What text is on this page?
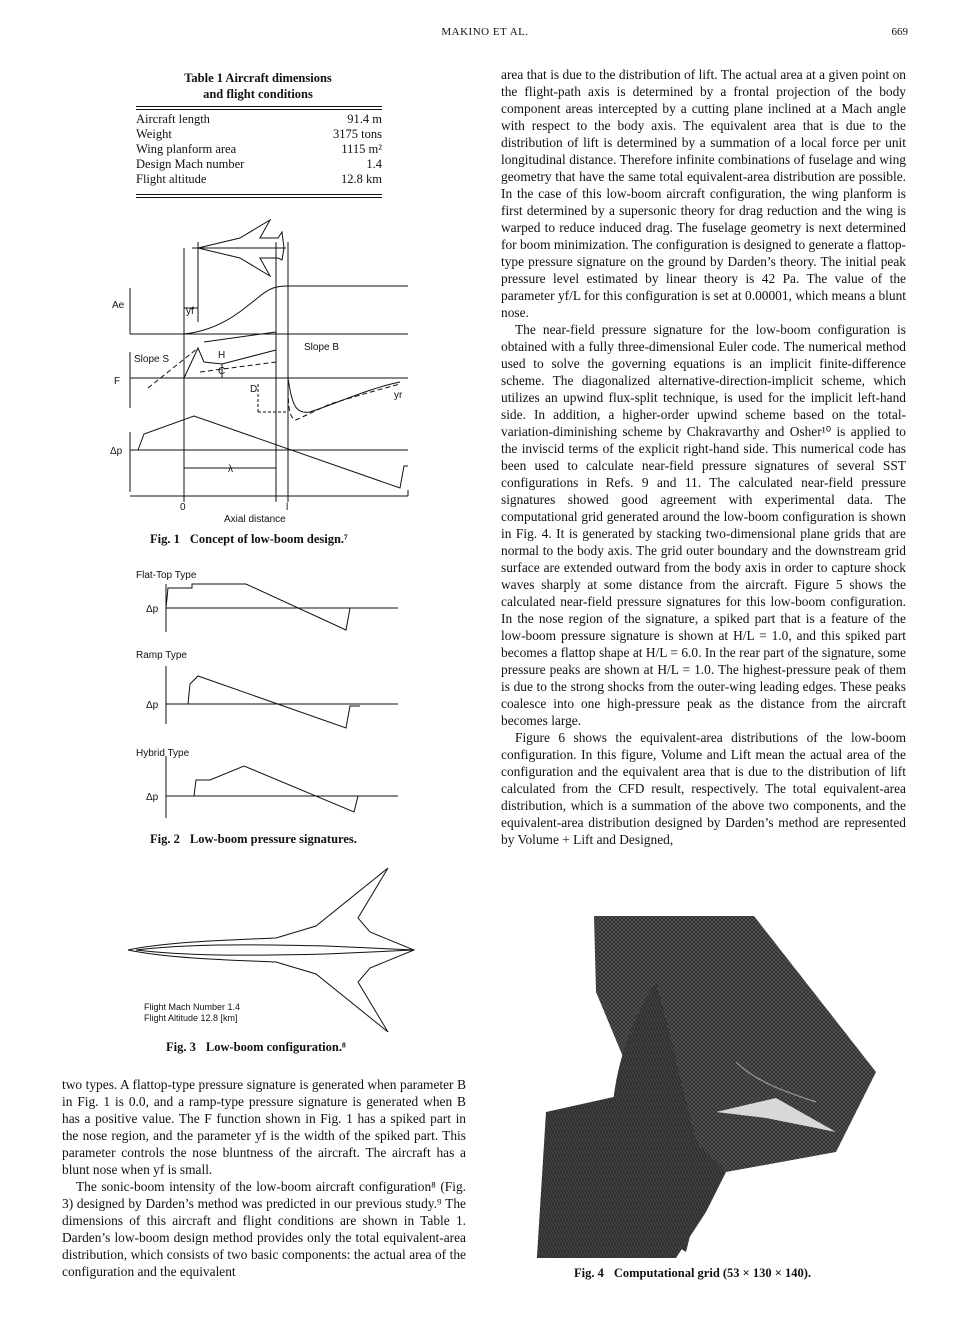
MAKINO ET AL.	669
Table 1 Aircraft dimensions
and flight conditions
Aircraft length	91.4 m
Weight	3175 tons
Wing planform area	1115 m²
Design Mach number	1.4
Flight altitude	12.8 km
Ae
yf
Slope S
Slope B
H
C
D
F
yr
Δp
λ
0	l
Axial distance
Fig. 1 Concept of low-boom design.⁷
Flat-Top Type
Δp
Ramp Type
Δp
Hybrid Type
Δp
Fig. 2 Low-boom pressure signatures.
Flight Mach Number 1.4
Flight Altitude 12.8 [km]
Fig. 3 Low-boom configuration.⁸

two types. A flattop-type pressure signature is generated when parameter B in Fig. 1 is 0.0, and a ramp-type pressure signature is generated when B has a positive value. The F function shown in Fig. 1 has a spiked part in the nose region, and the parameter yf is the width of the spiked part. This parameter controls the nose bluntness of the aircraft. The aircraft has a blunt nose when yf is small.

The sonic-boom intensity of the low-boom aircraft configuration⁸ (Fig. 3) designed by Darden’s method was predicted in our previous study.⁹ The dimensions of this aircraft and flight conditions are shown in Table 1. Darden’s low-boom design method provides only the total equivalent-area distribution, which consists of two basic components: the actual area of the configuration and the equivalent

area that is due to the distribution of lift. The actual area at a given point on the flight-path axis is determined by a frontal projection of the body component areas intercepted by a cutting plane inclined at a Mach angle with respect to the body axis. The equivalent area that is due to the distribution of lift is determined by a summation of a local force per unit longitudinal distance. Therefore infinite combinations of fuselage and wing geometry that have the same total equivalent-area distribution are possible. In the case of this low-boom aircraft configuration, the wing planform is first determined by a supersonic theory for drag reduction and the wing is warped to reduce induced drag. The fuselage geometry is next determined for boom minimization. The configuration is designed to generate a flattop-type pressure signature on the ground by Darden’s theory. The initial peak pressure level estimated by linear theory is 42 Pa. The value of the parameter yf/L for this configuration is set at 0.00001, which means a blunt nose.

The near-field pressure signature for the low-boom configuration is obtained with a fully three-dimensional Euler code. The numerical method used to solve the governing equations is an implicit finite-difference scheme. The diagonalized alternative-direction-implicit scheme, which utilizes an upwind flux-split technique, is used for the implicit left-hand side. In addition, a higher-order upwind scheme based on the total-variation-diminishing scheme by Chakravarthy and Osher¹⁰ is applied to the inviscid terms of the explicit right-hand side. This numerical code has been used to calculate near-field pressure signatures of several SST configurations in Refs. 9 and 11. The calculated near-field pressure signatures showed good agreement with experimental data. The computational grid generated around the low-boom configuration is shown in Fig. 4. It is generated by stacking two-dimensional plane grids that are normal to the body axis. The grid outer boundary and the downstream grid surface are extended outward from the body axis in order to capture shock waves sharply at some distance from the aircraft. Figure 5 shows the calculated near-field pressure signatures for this low-boom configuration. In the nose region of the signature, a spiked part that is a feature of the low-boom pressure signature is shown at H/L = 1.0, and this spiked part becomes a flattop shape at H/L = 6.0. In the rear part of the signature, some pressure peaks are shown at H/L = 1.0. The highest-pressure peak of them is due to the strong shocks from the outer-wing leading edges. These peaks coalesce into one high-pressure peak as the distance from the aircraft becomes large.

Figure 6 shows the equivalent-area distributions of the low-boom configuration. In this figure, Volume and Lift mean the actual area of the configuration and the equivalent area that is due to the distribution of lift calculated from the CFD result, respectively. The total equivalent-area distribution, which is a summation of the above two components, and the equivalent-area distribution designed by Darden’s method are represented by Volume + Lift and Designed,

Fig. 4 Computational grid (53 × 130 × 140).
